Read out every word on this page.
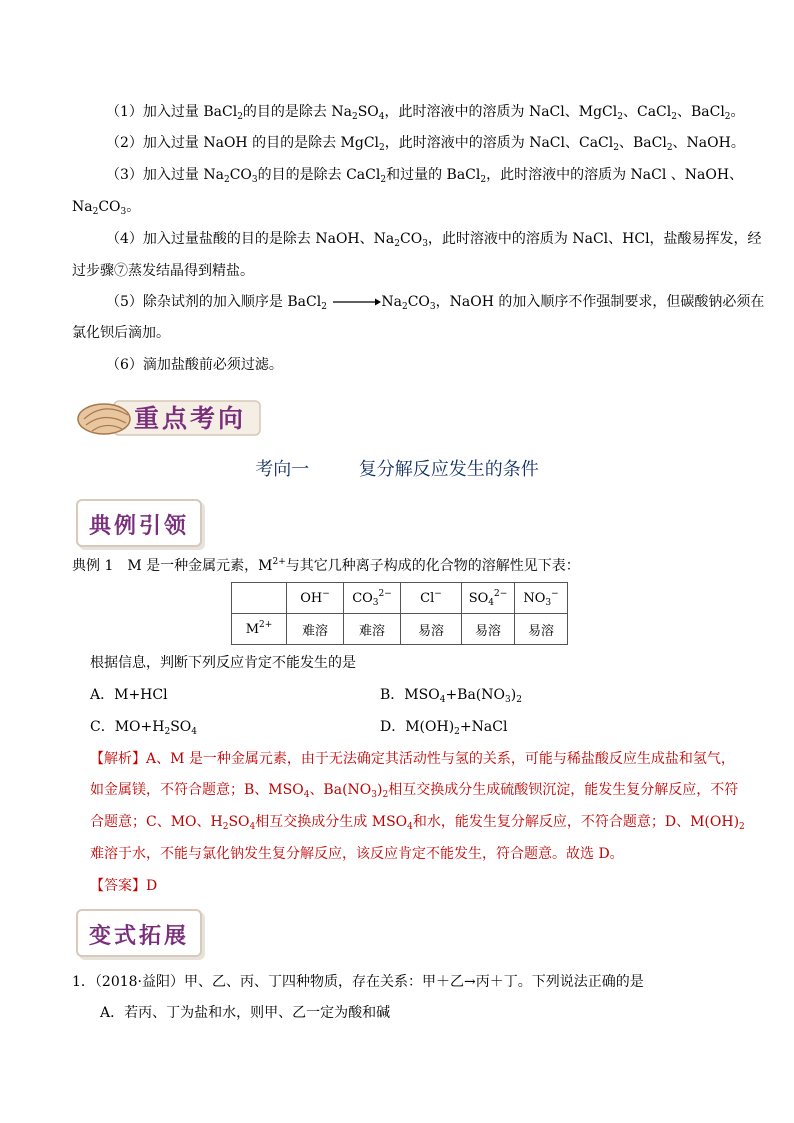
（1）加入过量 BaCl$_2$的目的是除去 $Na_2SO_4$，此时溶液中的溶质为 NaCl、MgCl$_2$、CaCl$_2$、BaCl$_2$。
（2）加入过量 NaOH 的目的是除去 MgCl$_2$，此时溶液中的溶质为 NaCl、CaCl$_2$、BaCl$_2$、NaOH。
（3）加入过量 $Na_2CO_3$的目的是除去 CaCl$_2$和过量的 BaCl$_2$，此时溶液中的溶质为 NaCl 、NaOH、
$Na_2CO_3$。
（4）加入过量盐酸的目的是除去 NaOH、$Na_2CO_3$，此时溶液中的溶质为 NaCl、HCl，盐酸易挥发，经
过步骤⑦蒸发结晶得到精盐。
（5）除杂试剂的加入顺序是 BaCl$_2$ $\to Na_2CO_3$，NaOH 的加入顺序不作强制要求，但碳酸钠必须在
氯化钡后滴加。
（6）滴加盐酸前必须过滤。
重点考向
考向一	复分解反应发生的条件
典例引领
典例 1　M 是一种金属元素，$M^{2+}$与其它几种离子构成的化合物的溶解性见下表：
	OH−	$CO_3^{2-}$	Cl−	$SO_4^{2-}$	$NO_3^-$
$M^{2+}$	难溶	难溶	易溶	易溶	易溶
根据信息，判断下列反应肯定不能发生的是
A．M+HCl	B．$MSO_4+Ba(NO_3)_2$
C．$MO+H_2SO_4$	D．$M(OH)_2+NaCl$
【解析】A、M 是一种金属元素，由于无法确定其活动性与氢的关系，可能与稀盐酸反应生成盐和氢气，
如金属镁，不符合题意；B、$MSO_4$、$Ba(NO_3)_2$相互交换成分生成硫酸钡沉淀，能发生复分解反应，不符
合题意；C、MO、$H_2SO_4$相互交换成分生成 $MSO_4$和水，能发生复分解反应，不符合题意；D、$M(OH)_2$
难溶于水，不能与氯化钠发生复分解反应，该反应肯定不能发生，符合题意。故选 D。
【答案】D
变式拓展
1．（2018·益阳）甲、乙、丙、丁四种物质，存在关系：甲＋乙→丙＋丁。下列说法正确的是
A．若丙、丁为盐和水，则甲、乙一定为酸和碱
